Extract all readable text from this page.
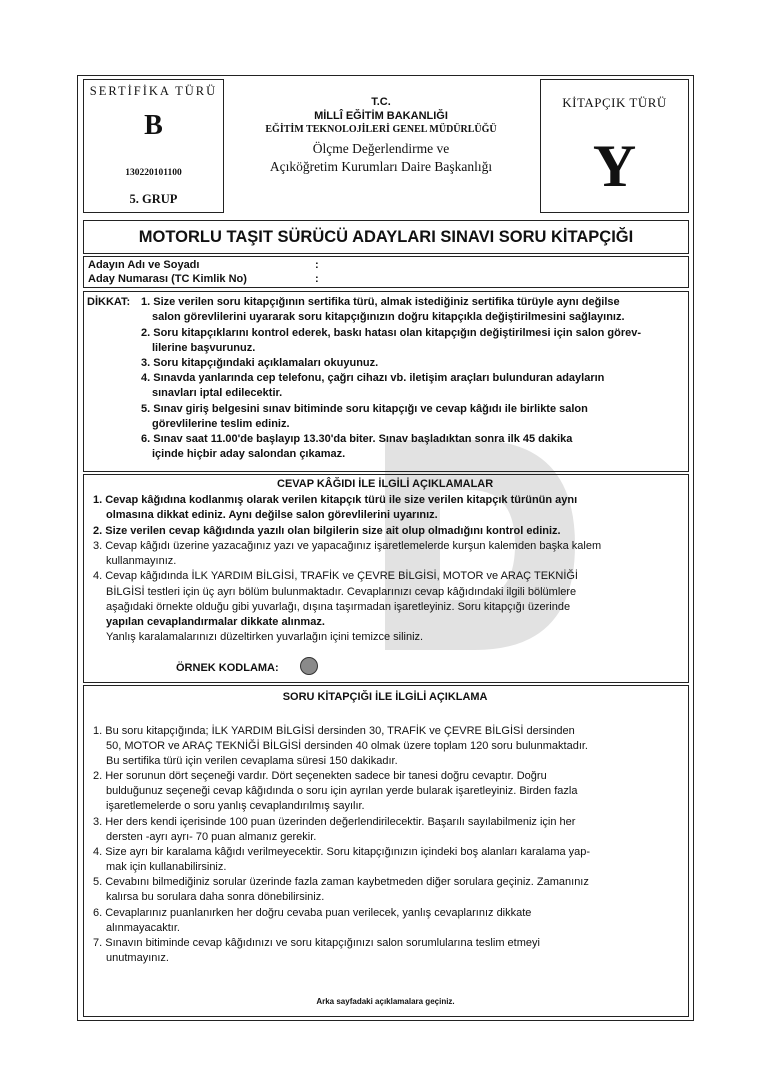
SERTİFİKA TÜRÜ
B
130220101100
5. GRUP
T.C.
MİLLÎ EĞİTİM BAKANLIĞI
EĞİTİM TEKNOLOJİLERİ GENEL MÜDÜRLÜĞÜ
Ölçme Değerlendirme ve
Açıköğretim Kurumları Daire Başkanlığı
KİTAPÇIK TÜRÜ
Y
MOTORLU TAŞIT SÜRÜCÜ ADAYLARI SINAVI SORU KİTAPÇIĞI
Adayın Adı ve Soyadı	:
Aday Numarası (TC Kimlik No)	:
DİKKAT: 1. Size verilen soru kitapçığının sertifika türü, almak istediğiniz sertifika türüyle aynı değilse
salon görevlilerini uyararak soru kitapçığınızın doğru kitapçıkla değiştirilmesini sağlayınız.
2. Soru kitapçıklarını kontrol ederek, baskı hatası olan kitapçığın değiştirilmesi için salon görev-
lilerine başvurunuz.
3. Soru kitapçığındaki açıklamaları okuyunuz.
4. Sınavda yanlarında cep telefonu, çağrı cihazı vb. iletişim araçları bulunduran adayların
sınavları iptal edilecektir.
5. Sınav giriş belgesini sınav bitiminde soru kitapçığı ve cevap kâğıdı ile birlikte salon
görevlilerine teslim ediniz.
6. Sınav saat 11.00'de başlayıp 13.30'da biter. Sınav başladıktan sonra ilk 45 dakika
içinde hiçbir aday salondan çıkamaz.
CEVAP KÂĞIDI İLE İLGİLİ AÇIKLAMALAR
1. Cevap kâğıdına kodlanmış olarak verilen kitapçık türü ile size verilen kitapçık türünün aynı
olmasına dikkat ediniz. Aynı değilse salon görevlilerini uyarınız.
2. Size verilen cevap kâğıdında yazılı olan bilgilerin size ait olup olmadığını kontrol ediniz.
3. Cevap kâğıdı üzerine yazacağınız yazı ve yapacağınız işaretlemelerde kurşun kalemden başka kalem
kullanmayınız.
4. Cevap kâğıdında İLK YARDIM BİLGİSİ, TRAFİK ve ÇEVRE BİLGİSİ, MOTOR ve ARAÇ TEKNİĞİ
BİLGİSİ testleri için üç ayrı bölüm bulunmaktadır. Cevaplarınızı cevap kâğıdındaki ilgili bölümlere
aşağıdaki örnekte olduğu gibi yuvarlağı, dışına taşırmadan işaretleyiniz. Soru kitapçığı üzerinde
yapılan cevaplandırmalar dikkate alınmaz.
Yanlış karalamalarınızı düzeltirken yuvarlağın içini temizce siliniz.
ÖRNEK KODLAMA:
SORU KİTAPÇIĞI İLE İLGİLİ AÇIKLAMA
1. Bu soru kitapçığında; İLK YARDIM BİLGİSİ dersinden 30, TRAFİK ve ÇEVRE BİLGİSİ dersinden
50, MOTOR ve ARAÇ TEKNİĞİ BİLGİSİ dersinden 40 olmak üzere toplam 120 soru bulunmaktadır.
Bu sertifika türü için verilen cevaplama süresi 150 dakikadır.
2. Her sorunun dört seçeneği vardır. Dört seçenekten sadece bir tanesi doğru cevaptır. Doğru
bulduğunuz seçeneği cevap kâğıdında o soru için ayrılan yerde bularak işaretleyiniz. Birden fazla
işaretlemelerde o soru yanlış cevaplandırılmış sayılır.
3. Her ders kendi içerisinde 100 puan üzerinden değerlendirilecektir. Başarılı sayılabilmeniz için her
dersten -ayrı ayrı- 70 puan almanız gerekir.
4. Size ayrı bir karalama kâğıdı verilmeyecektir. Soru kitapçığınızın içindeki boş alanları karalama yap-
mak için kullanabilirsiniz.
5. Cevabını bilmediğiniz sorular üzerinde fazla zaman kaybetmeden diğer sorulara geçiniz. Zamanınız
kalırsa bu sorulara daha sonra dönebilirsiniz.
6. Cevaplarınız puanlanırken her doğru cevaba puan verilecek, yanlış cevaplarınız dikkate
alınmayacaktır.
7. Sınavın bitiminde cevap kâğıdınızı ve soru kitapçığınızı salon sorumlularına teslim etmeyi
unutmayınız.
Arka sayfadaki açıklamalara geçiniz.
